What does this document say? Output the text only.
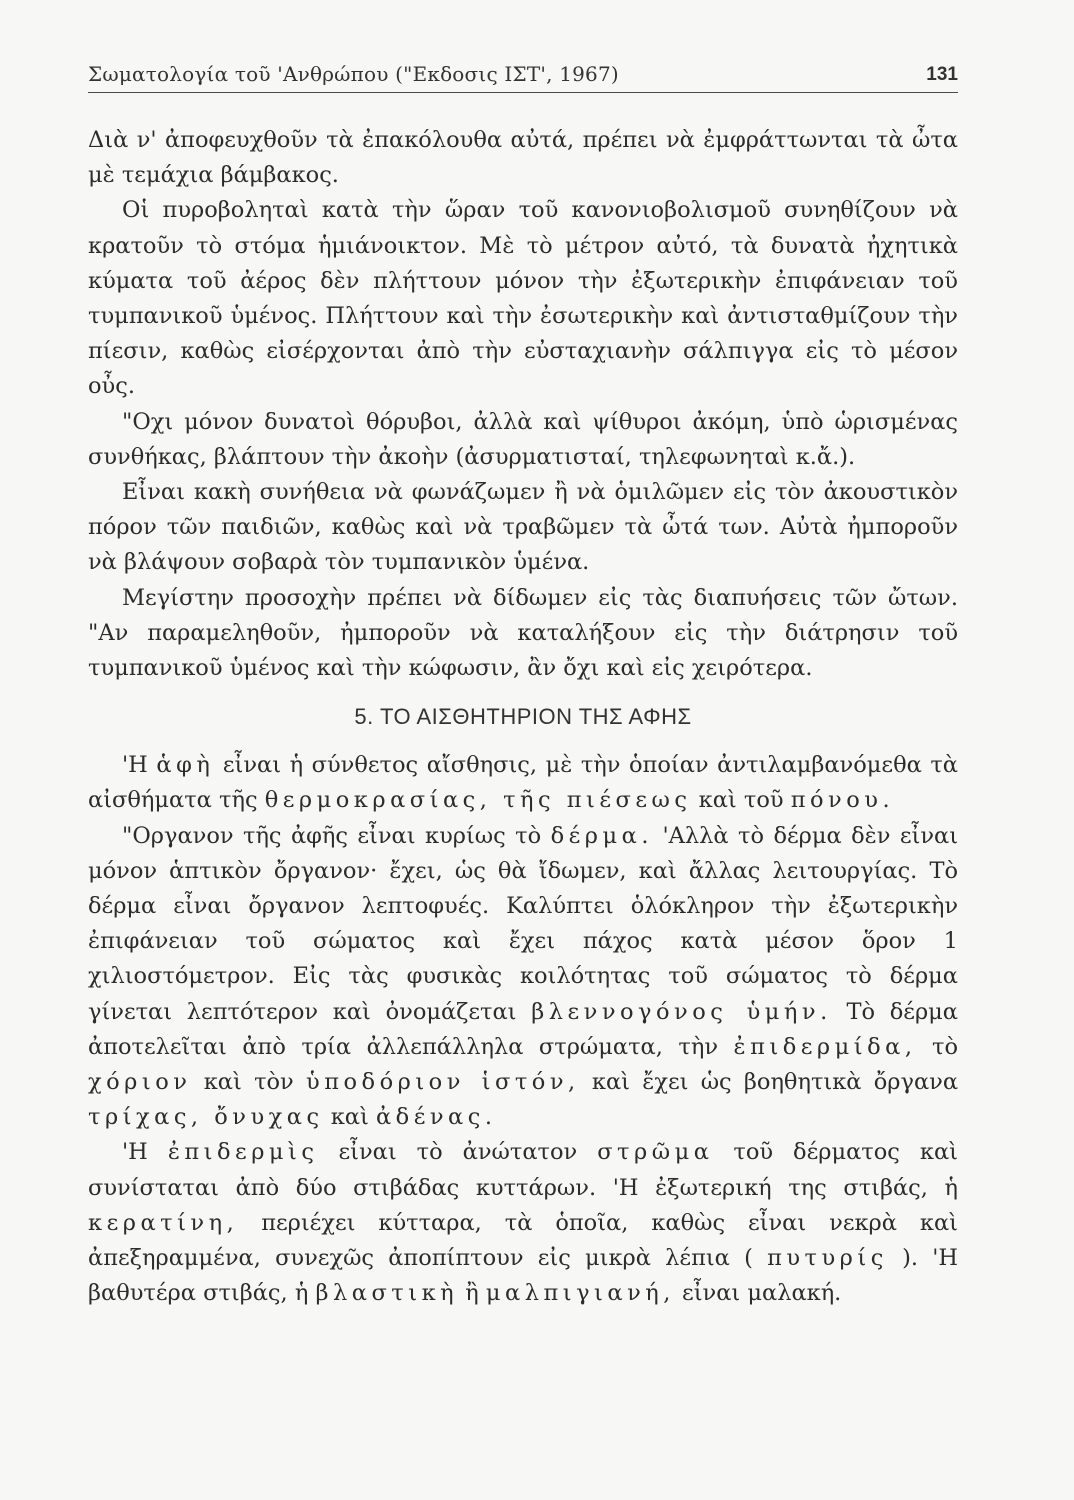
Σωματολογία τοῦ 'Ανθρώπου ("Εκδοσις ΙΣΤ', 1967)	131

Διὰ ν' ἀποφευχθοῦν τὰ ἐπακόλουθα αὐτά, πρέπει νὰ ἐμφράττωνται τὰ ὦτα μὲ τεμάχια βάμβακος.

Οἱ πυροβοληταὶ κατὰ τὴν ὥραν τοῦ κανονιοβολισμοῦ συνηθίζουν νὰ κρατοῦν τὸ στόμα ἡμιάνοικτον. Μὲ τὸ μέτρον αὐτό, τὰ δυνατὰ ἠχητικὰ κύματα τοῦ ἀέρος δὲν πλήττουν μόνον τὴν ἐξωτερικὴν ἐπιφάνειαν τοῦ τυμπανικοῦ ὑμένος. Πλήττουν καὶ τὴν ἐσωτερικὴν καὶ ἀντισταθμίζουν τὴν πίεσιν, καθὼς εἰσέρχονται ἀπὸ τὴν εὐσταχιανὴν σάλπιγγα εἰς τὸ μέσον οὖς.

"Οχι μόνον δυνατοὶ θόρυβοι, ἀλλὰ καὶ ψίθυροι ἀκόμη, ὑπὸ ὡρισμένας συνθήκας, βλάπτουν τὴν ἀκοὴν (ἀσυρματισταί, τηλεφωνηταὶ κ.ἄ.).

Εἶναι κακὴ συνήθεια νὰ φωνάζωμεν ἢ νὰ ὁμιλῶμεν εἰς τὸν ἀκουστικὸν πόρον τῶν παιδιῶν, καθὼς καὶ νὰ τραβῶμεν τὰ ὦτά των. Αὐτὰ ἠμποροῦν νὰ βλάψουν σοβαρὰ τὸν τυμπανικὸν ὑμένα.

Μεγίστην προσοχὴν πρέπει νὰ δίδωμεν εἰς τὰς διαπυήσεις τῶν ὤτων. "Αν παραμεληθοῦν, ἠμποροῦν νὰ καταλήξουν εἰς τὴν διάτρησιν τοῦ τυμπανικοῦ ὑμένος καὶ τὴν κώφωσιν, ἂν ὄχι καὶ εἰς χειρότερα.

5. ΤΟ ΑΙΣΘΗΤΗΡΙΟΝ ΤΗΣ ΑΦΗΣ

'Η ἁφὴ εἶναι ἡ σύνθετος αἴσθησις, μὲ τὴν ὁποίαν ἀντιλαμβανόμεθα τὰ αἰσθήματα τῆς θερμοκρασίας, τῆς πιέσεως καὶ τοῦ πόνου.

"Οργανον τῆς ἀφῆς εἶναι κυρίως τὸ δέρμα. 'Αλλὰ τὸ δέρμα δὲν εἶναι μόνον ἁπτικὸν ὄργανον· ἔχει, ὡς θὰ ἴδωμεν, καὶ ἄλλας λειτουργίας. Τὸ δέρμα εἶναι ὄργανον λεπτοφυές. Καλύπτει ὁλόκληρον τὴν ἐξωτερικὴν ἐπιφάνειαν τοῦ σώματος καὶ ἔχει πάχος κατὰ μέσον ὅρον 1 χιλιοστόμετρον. Εἰς τὰς φυσικὰς κοιλότητας τοῦ σώματος τὸ δέρμα γίνεται λεπτότερον καὶ ὀνομάζεται βλεννογόνος ὑμήν. Τὸ δέρμα ἀποτελεῖται ἀπὸ τρία ἀλλεπάλληλα στρώματα, τὴν ἐπιδερμίδα, τὸ χόριον καὶ τὸν ὑποδόριον ἱστόν, καὶ ἔχει ὡς βοηθητικὰ ὄργανα τρίχας, ὄνυχας καὶ ἀδένας.

'Η ἐπιδερμὶς εἶναι τὸ ἀνώτατον στρῶμα τοῦ δέρματος καὶ συνίσταται ἀπὸ δύο στιβάδας κυττάρων. 'Η ἐξωτερική της στιβάς, ἡ κερατίνη, περιέχει κύτταρα, τὰ ὁποῖα, καθὼς εἶναι νεκρὰ καὶ ἀπεξηραμμένα, συνεχῶς ἀποπίπτουν εἰς μικρὰ λέπια ( πυτυρίς ). 'Η βαθυτέρα στιβάς, ἡ βλαστικὴ ἢ μαλπιγιανή, εἶναι μαλακή.
